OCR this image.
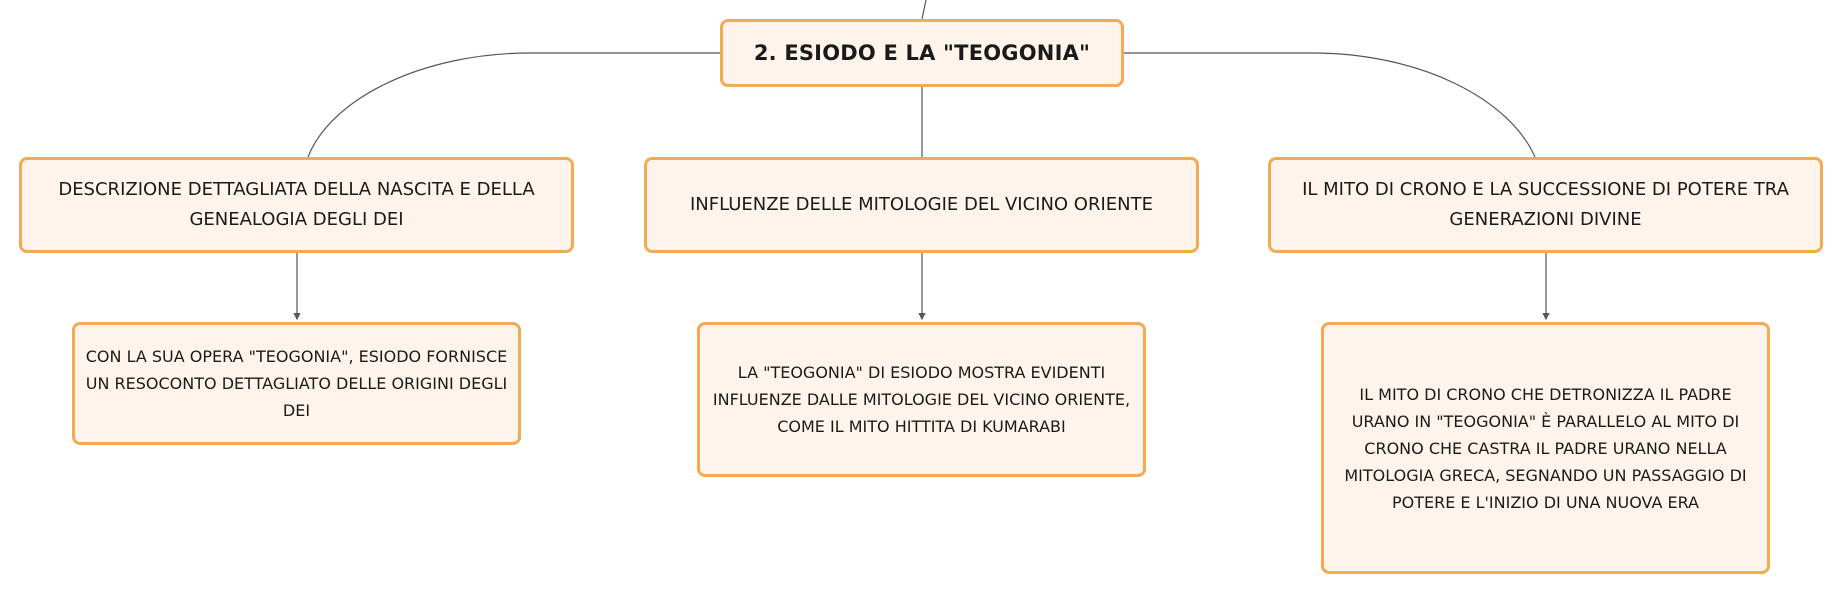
2. ESIODO E LA "TEOGONIA"
DESCRIZIONE DETTAGLIATA DELLA NASCITA E DELLA GENEALOGIA DEGLI DEI
INFLUENZE DELLE MITOLOGIE DEL VICINO ORIENTE
IL MITO DI CRONO E LA SUCCESSIONE DI POTERE TRA GENERAZIONI DIVINE
CON LA SUA OPERA "TEOGONIA", ESIODO FORNISCE UN RESOCONTO DETTAGLIATO DELLE ORIGINI DEGLI DEI
LA "TEOGONIA" DI ESIODO MOSTRA EVIDENTI INFLUENZE DALLE MITOLOGIE DEL VICINO ORIENTE, COME IL MITO HITTITA DI KUMARABI
IL MITO DI CRONO CHE DETRONIZZA IL PADRE URANO IN "TEOGONIA" È PARALLELO AL MITO DI CRONO CHE CASTRA IL PADRE URANO NELLA MITOLOGIA GRECA, SEGNANDO UN PASSAGGIO DI POTERE E L'INIZIO DI UNA NUOVA ERA
